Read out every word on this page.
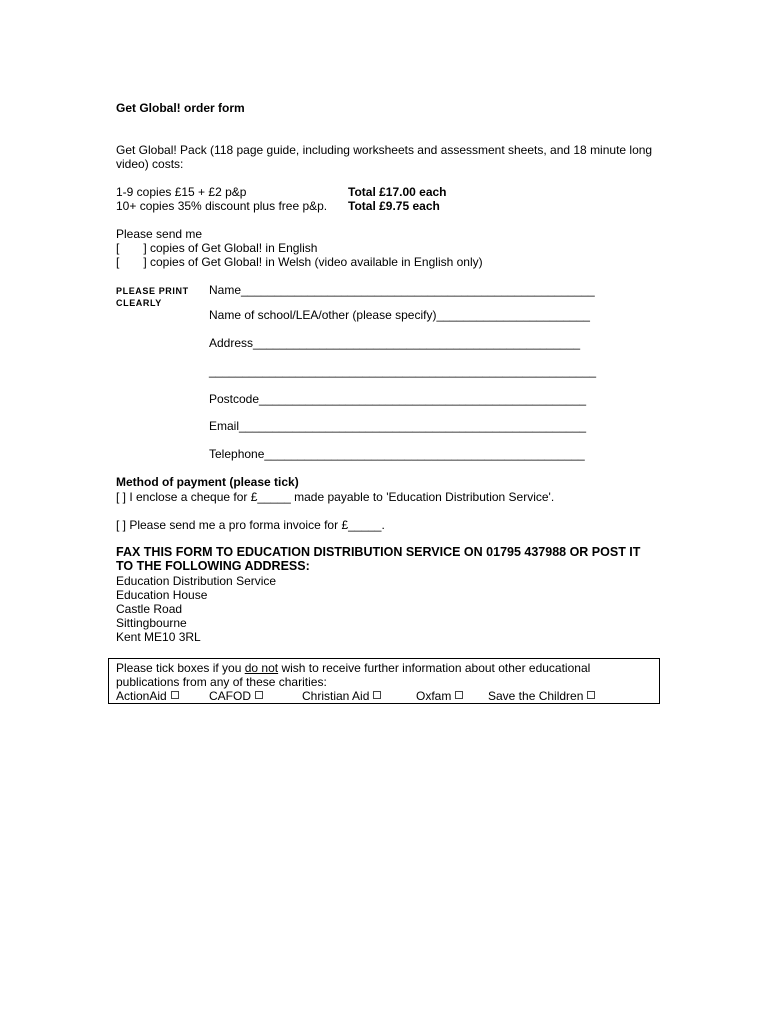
Get Global! order form
Get Global! Pack (118 page guide, including worksheets and assessment sheets, and 18 minute long video) costs:
1-9 copies £15 + £2 p&p	Total £17.00 each
10+ copies 35% discount plus free p&p. Total £9.75 each
Please send me
[ ] copies of Get Global! in English
[ ] copies of Get Global! in Welsh (video available in English only)
PLEASE PRINT
CLEARLY
Name_____________________________________________________
Name of school/LEA/other (please specify)_______________________
Address_________________________________________________
__________________________________________________________
Postcode_________________________________________________
Email____________________________________________________
Telephone________________________________________________
Method of payment (please tick)
[ ] I enclose a cheque for £_____ made payable to 'Education Distribution Service'.
[ ] Please send me a pro forma invoice for £_____.
FAX THIS FORM TO EDUCATION DISTRIBUTION SERVICE ON 01795 437988 OR POST IT TO THE FOLLOWING ADDRESS:
Education Distribution Service
Education House
Castle Road
Sittingbourne
Kent ME10 3RL
Please tick boxes if you do not wish to receive further information about other educational publications from any of these charities:
ActionAid	CAFOD	Christian Aid	Oxfam	Save the Children
